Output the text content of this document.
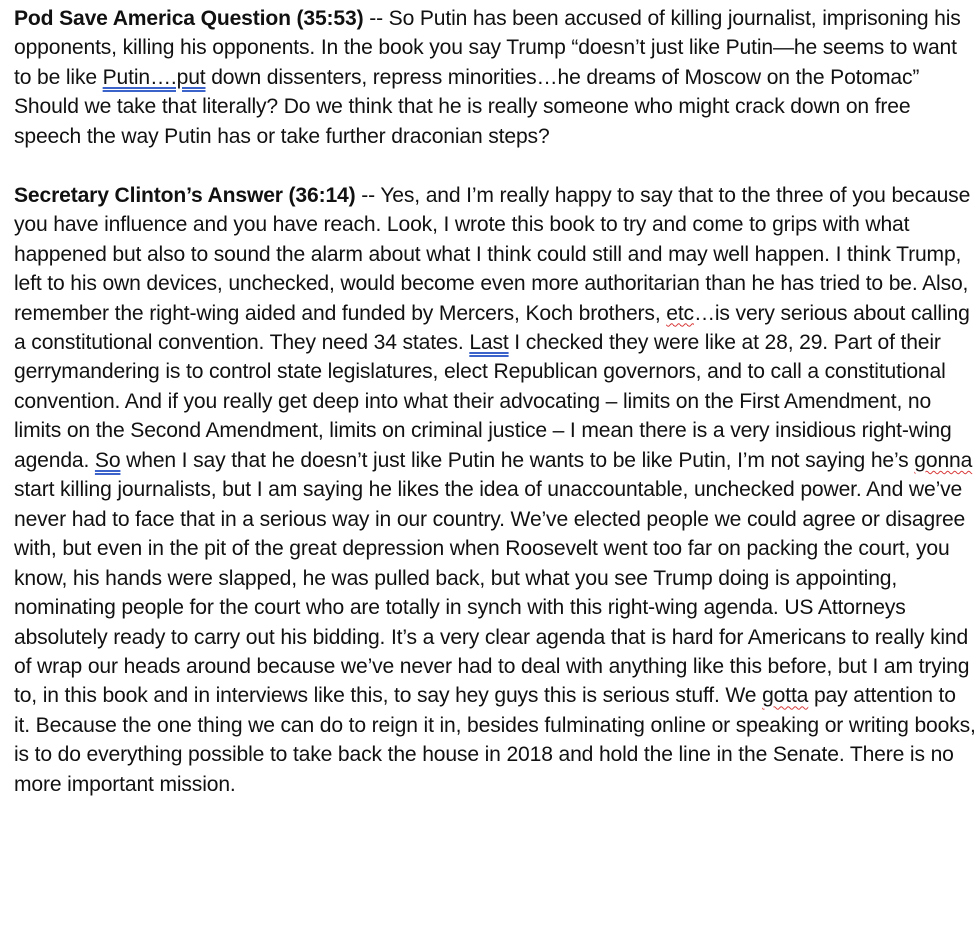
Pod Save America Question (35:53) -- So Putin has been accused of killing journalist, imprisoning his opponents, killing his opponents. In the book you say Trump “doesn’t just like Putin—he seems to want to be like Putin….put down dissenters, repress minorities…he dreams of Moscow on the Potomac” Should we take that literally? Do we think that he is really someone who might crack down on free speech the way Putin has or take further draconian steps?

Secretary Clinton’s Answer (36:14) -- Yes, and I’m really happy to say that to the three of you because you have influence and you have reach. Look, I wrote this book to try and come to grips with what happened but also to sound the alarm about what I think could still and may well happen. I think Trump, left to his own devices, unchecked, would become even more authoritarian than he has tried to be. Also, remember the right-wing aided and funded by Mercers, Koch brothers, etc…is very serious about calling a constitutional convention. They need 34 states. Last I checked they were like at 28, 29. Part of their gerrymandering is to control state legislatures, elect Republican governors, and to call a constitutional convention. And if you really get deep into what their advocating – limits on the First Amendment, no limits on the Second Amendment, limits on criminal justice – I mean there is a very insidious right-wing agenda. So when I say that he doesn’t just like Putin he wants to be like Putin, I’m not saying he’s gonna start killing journalists, but I am saying he likes the idea of unaccountable, unchecked power. And we’ve never had to face that in a serious way in our country. We’ve elected people we could agree or disagree with, but even in the pit of the great depression when Roosevelt went too far on packing the court, you know, his hands were slapped, he was pulled back, but what you see Trump doing is appointing, nominating people for the court who are totally in synch with this right-wing agenda. US Attorneys absolutely ready to carry out his bidding. It’s a very clear agenda that is hard for Americans to really kind of wrap our heads around because we’ve never had to deal with anything like this before, but I am trying to, in this book and in interviews like this, to say hey guys this is serious stuff. We gotta pay attention to it. Because the one thing we can do to reign it in, besides fulminating online or speaking or writing books, is to do everything possible to take back the house in 2018 and hold the line in the Senate. There is no more important mission.
